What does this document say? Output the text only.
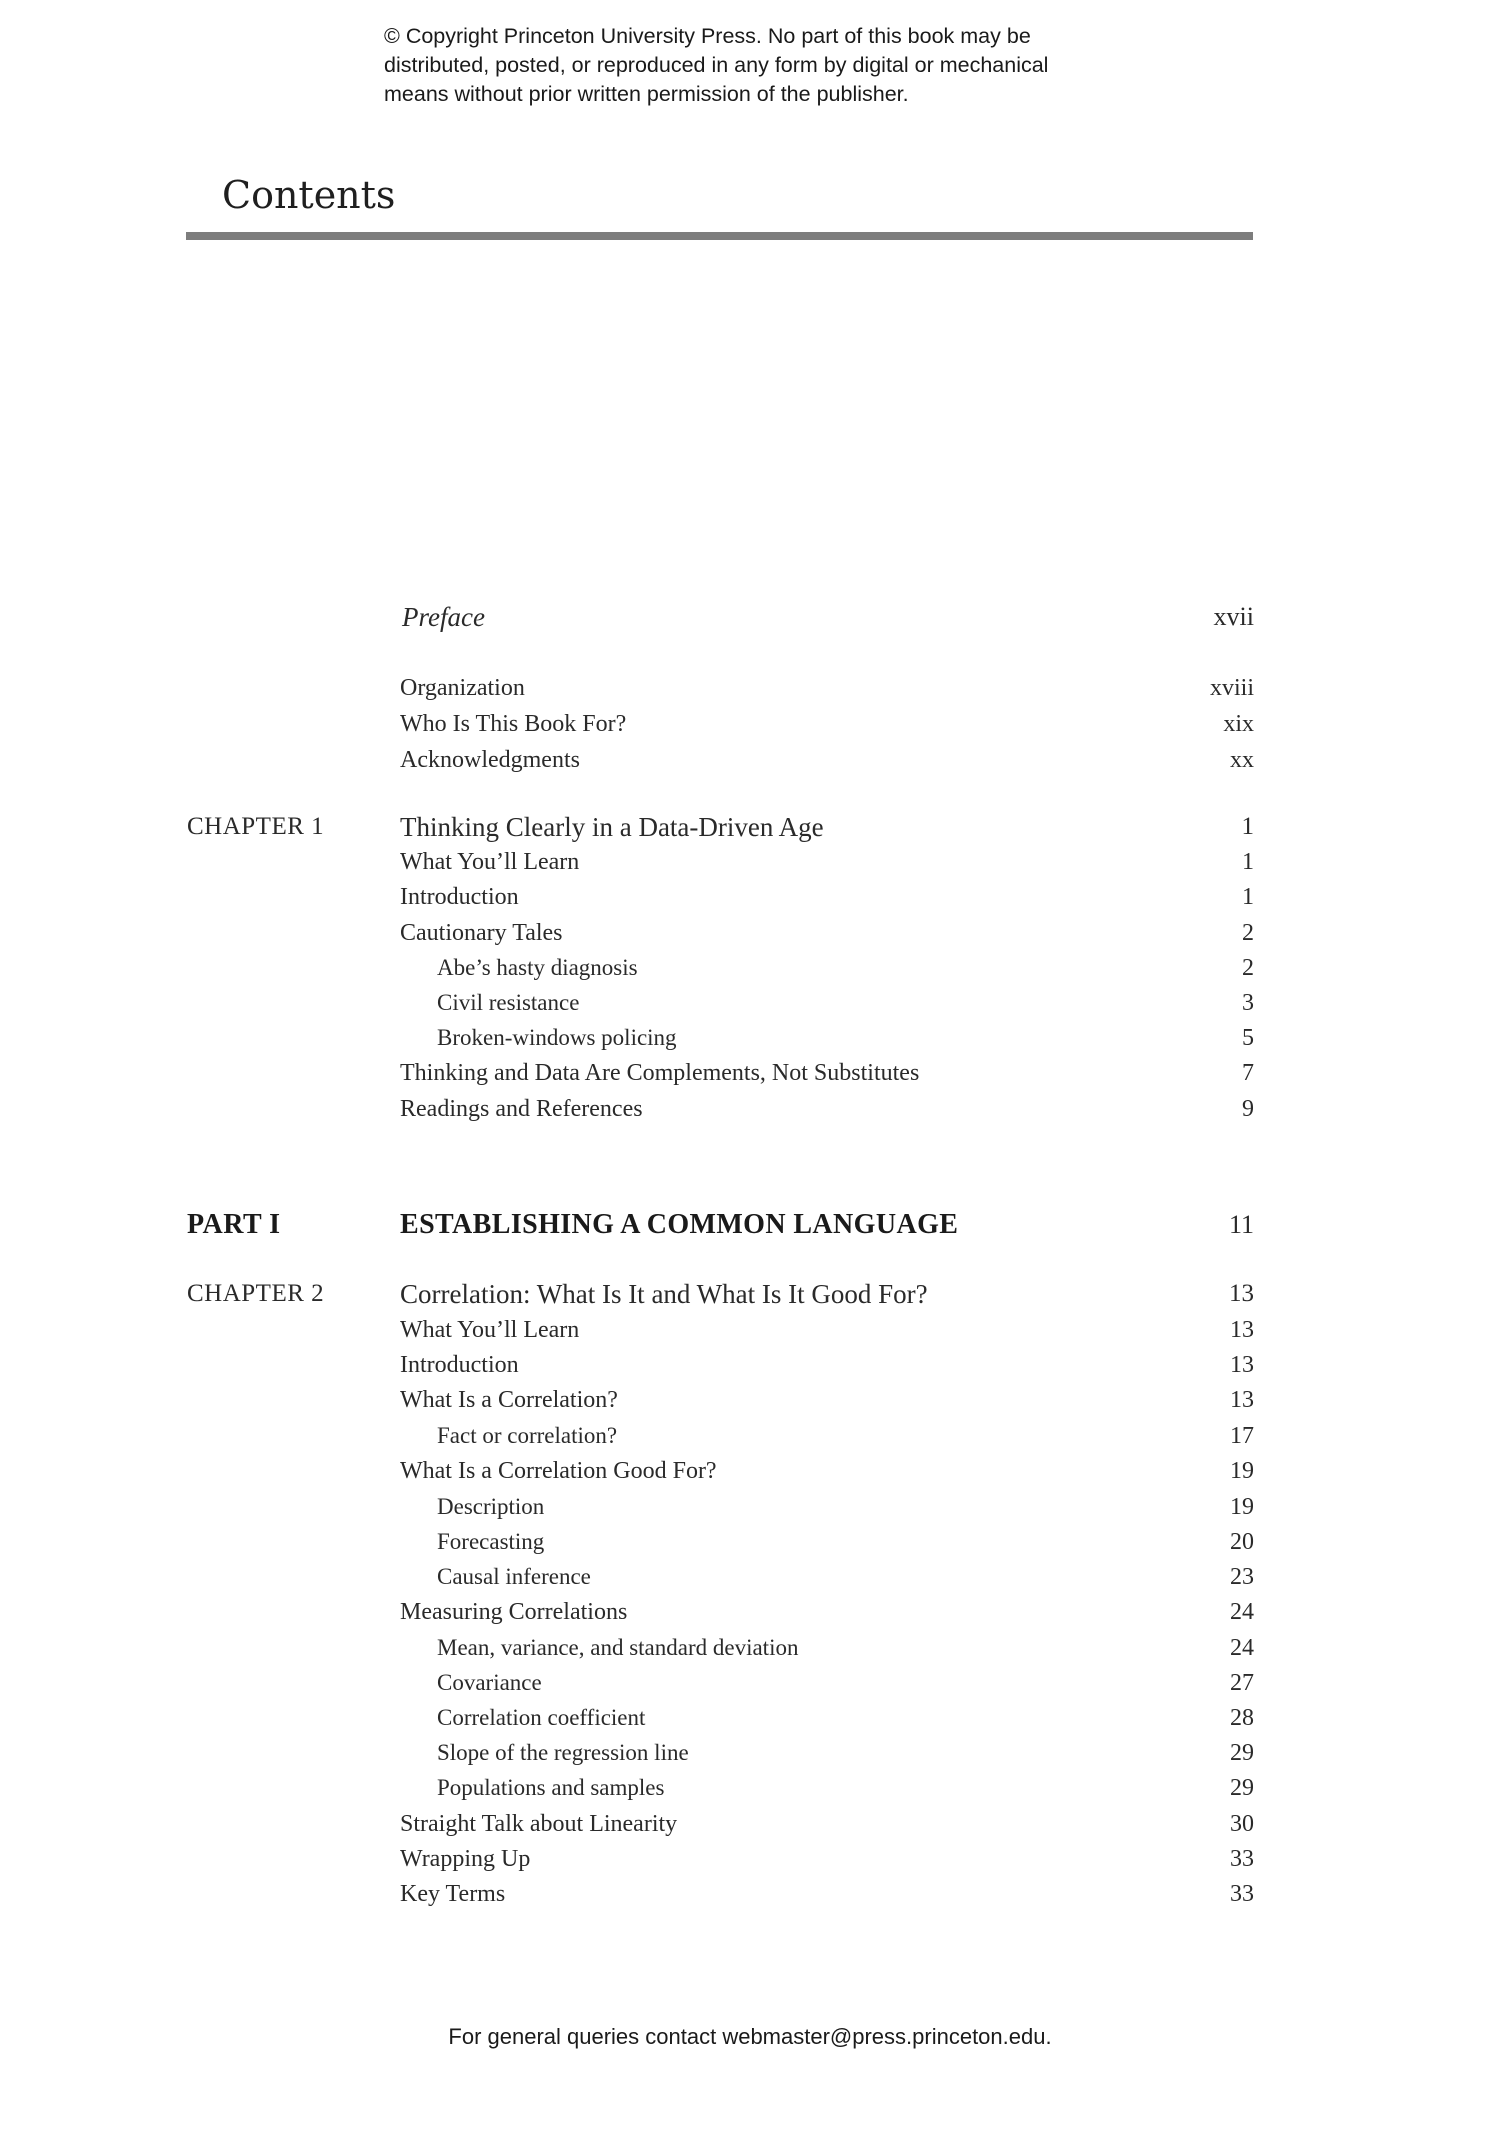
© Copyright Princeton University Press. No part of this book may be
distributed, posted, or reproduced in any form by digital or mechanical
means without prior written permission of the publisher.
Contents
Preface	xvii
Organization	xviii
Who Is This Book For?	xix
Acknowledgments	xx
CHAPTER 1	Thinking Clearly in a Data-Driven Age	1
What You’ll Learn	1
Introduction	1
Cautionary Tales	2
Abe’s hasty diagnosis	2
Civil resistance	3
Broken-windows policing	5
Thinking and Data Are Complements, Not Substitutes	7
Readings and References	9
PART I	ESTABLISHING A COMMON LANGUAGE	11
CHAPTER 2	Correlation: What Is It and What Is It Good For?	13
What You’ll Learn	13
Introduction	13
What Is a Correlation?	13
Fact or correlation?	17
What Is a Correlation Good For?	19
Description	19
Forecasting	20
Causal inference	23
Measuring Correlations	24
Mean, variance, and standard deviation	24
Covariance	27
Correlation coefficient	28
Slope of the regression line	29
Populations and samples	29
Straight Talk about Linearity	30
Wrapping Up	33
Key Terms	33
For general queries contact webmaster@press.princeton.edu.
